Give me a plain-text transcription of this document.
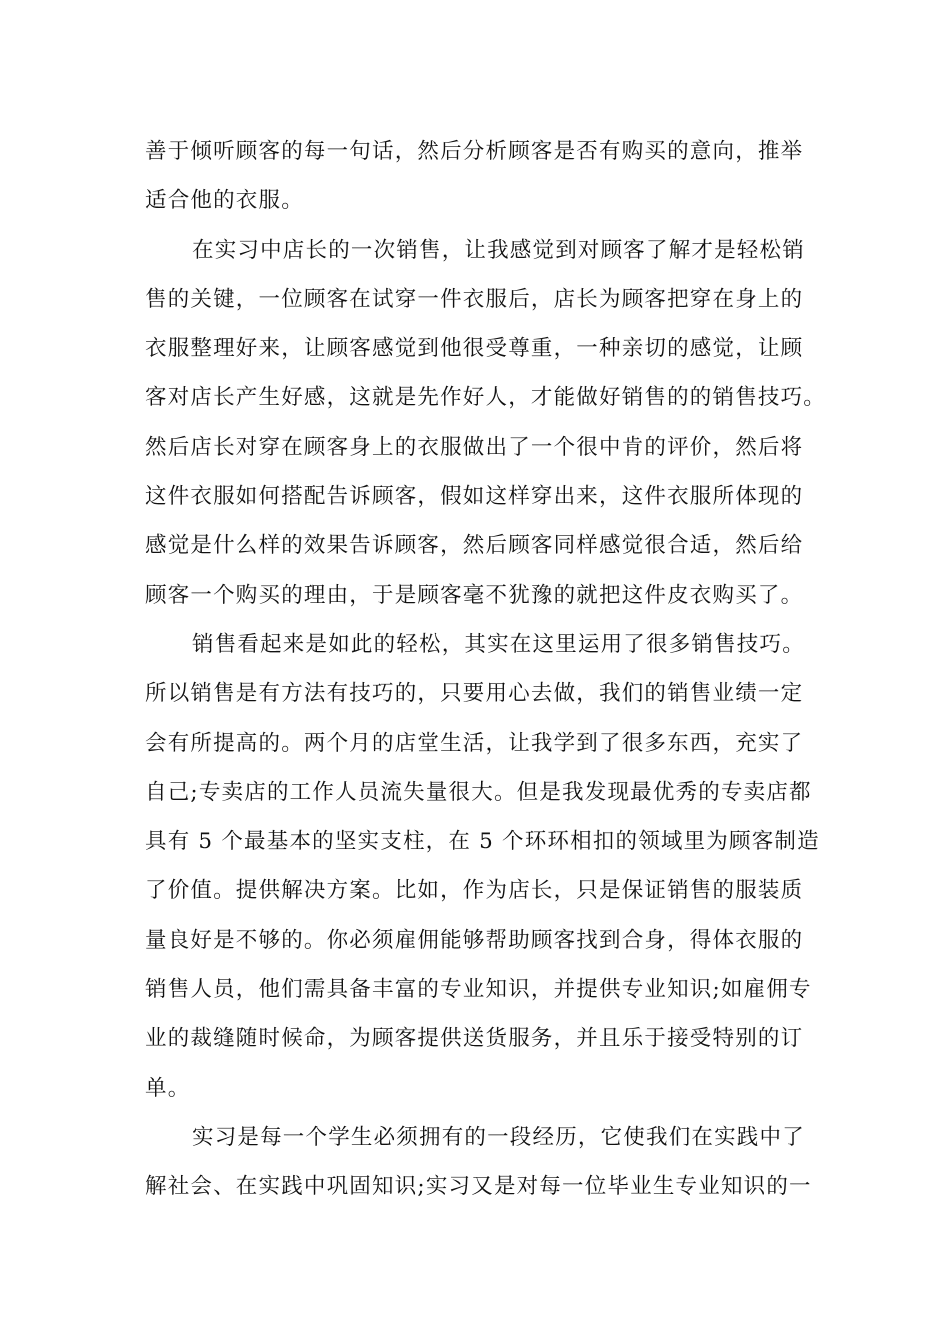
善于倾听顾客的每一句话，然后分析顾客是否有购买的意向，推举
适合他的衣服。
在实习中店长的一次销售，让我感觉到对顾客了解才是轻松销
售的关键，一位顾客在试穿一件衣服后，店长为顾客把穿在身上的
衣服整理好来，让顾客感觉到他很受尊重，一种亲切的感觉，让顾
客对店长产生好感，这就是先作好人，才能做好销售的的销售技巧。
然后店长对穿在顾客身上的衣服做出了一个很中肯的评价，然后将
这件衣服如何搭配告诉顾客，假如这样穿出来，这件衣服所体现的
感觉是什么样的效果告诉顾客，然后顾客同样感觉很合适，然后给
顾客一个购买的理由，于是顾客毫不犹豫的就把这件皮衣购买了。
销售看起来是如此的轻松，其实在这里运用了很多销售技巧。
所以销售是有方法有技巧的，只要用心去做，我们的销售业绩一定
会有所提高的。两个月的店堂生活，让我学到了很多东西，充实了
自己;专卖店的工作人员流失量很大。但是我发现最优秀的专卖店都
具有 5 个最基本的坚实支柱，在 5 个环环相扣的领域里为顾客制造
了价值。提供解决方案。比如，作为店长，只是保证销售的服装质
量良好是不够的。你必须雇佣能够帮助顾客找到合身，得体衣服的
销售人员，他们需具备丰富的专业知识，并提供专业知识;如雇佣专
业的裁缝随时候命，为顾客提供送货服务，并且乐于接受特别的订
单。
实习是每一个学生必须拥有的一段经历，它使我们在实践中了
解社会、在实践中巩固知识;实习又是对每一位毕业生专业知识的一
